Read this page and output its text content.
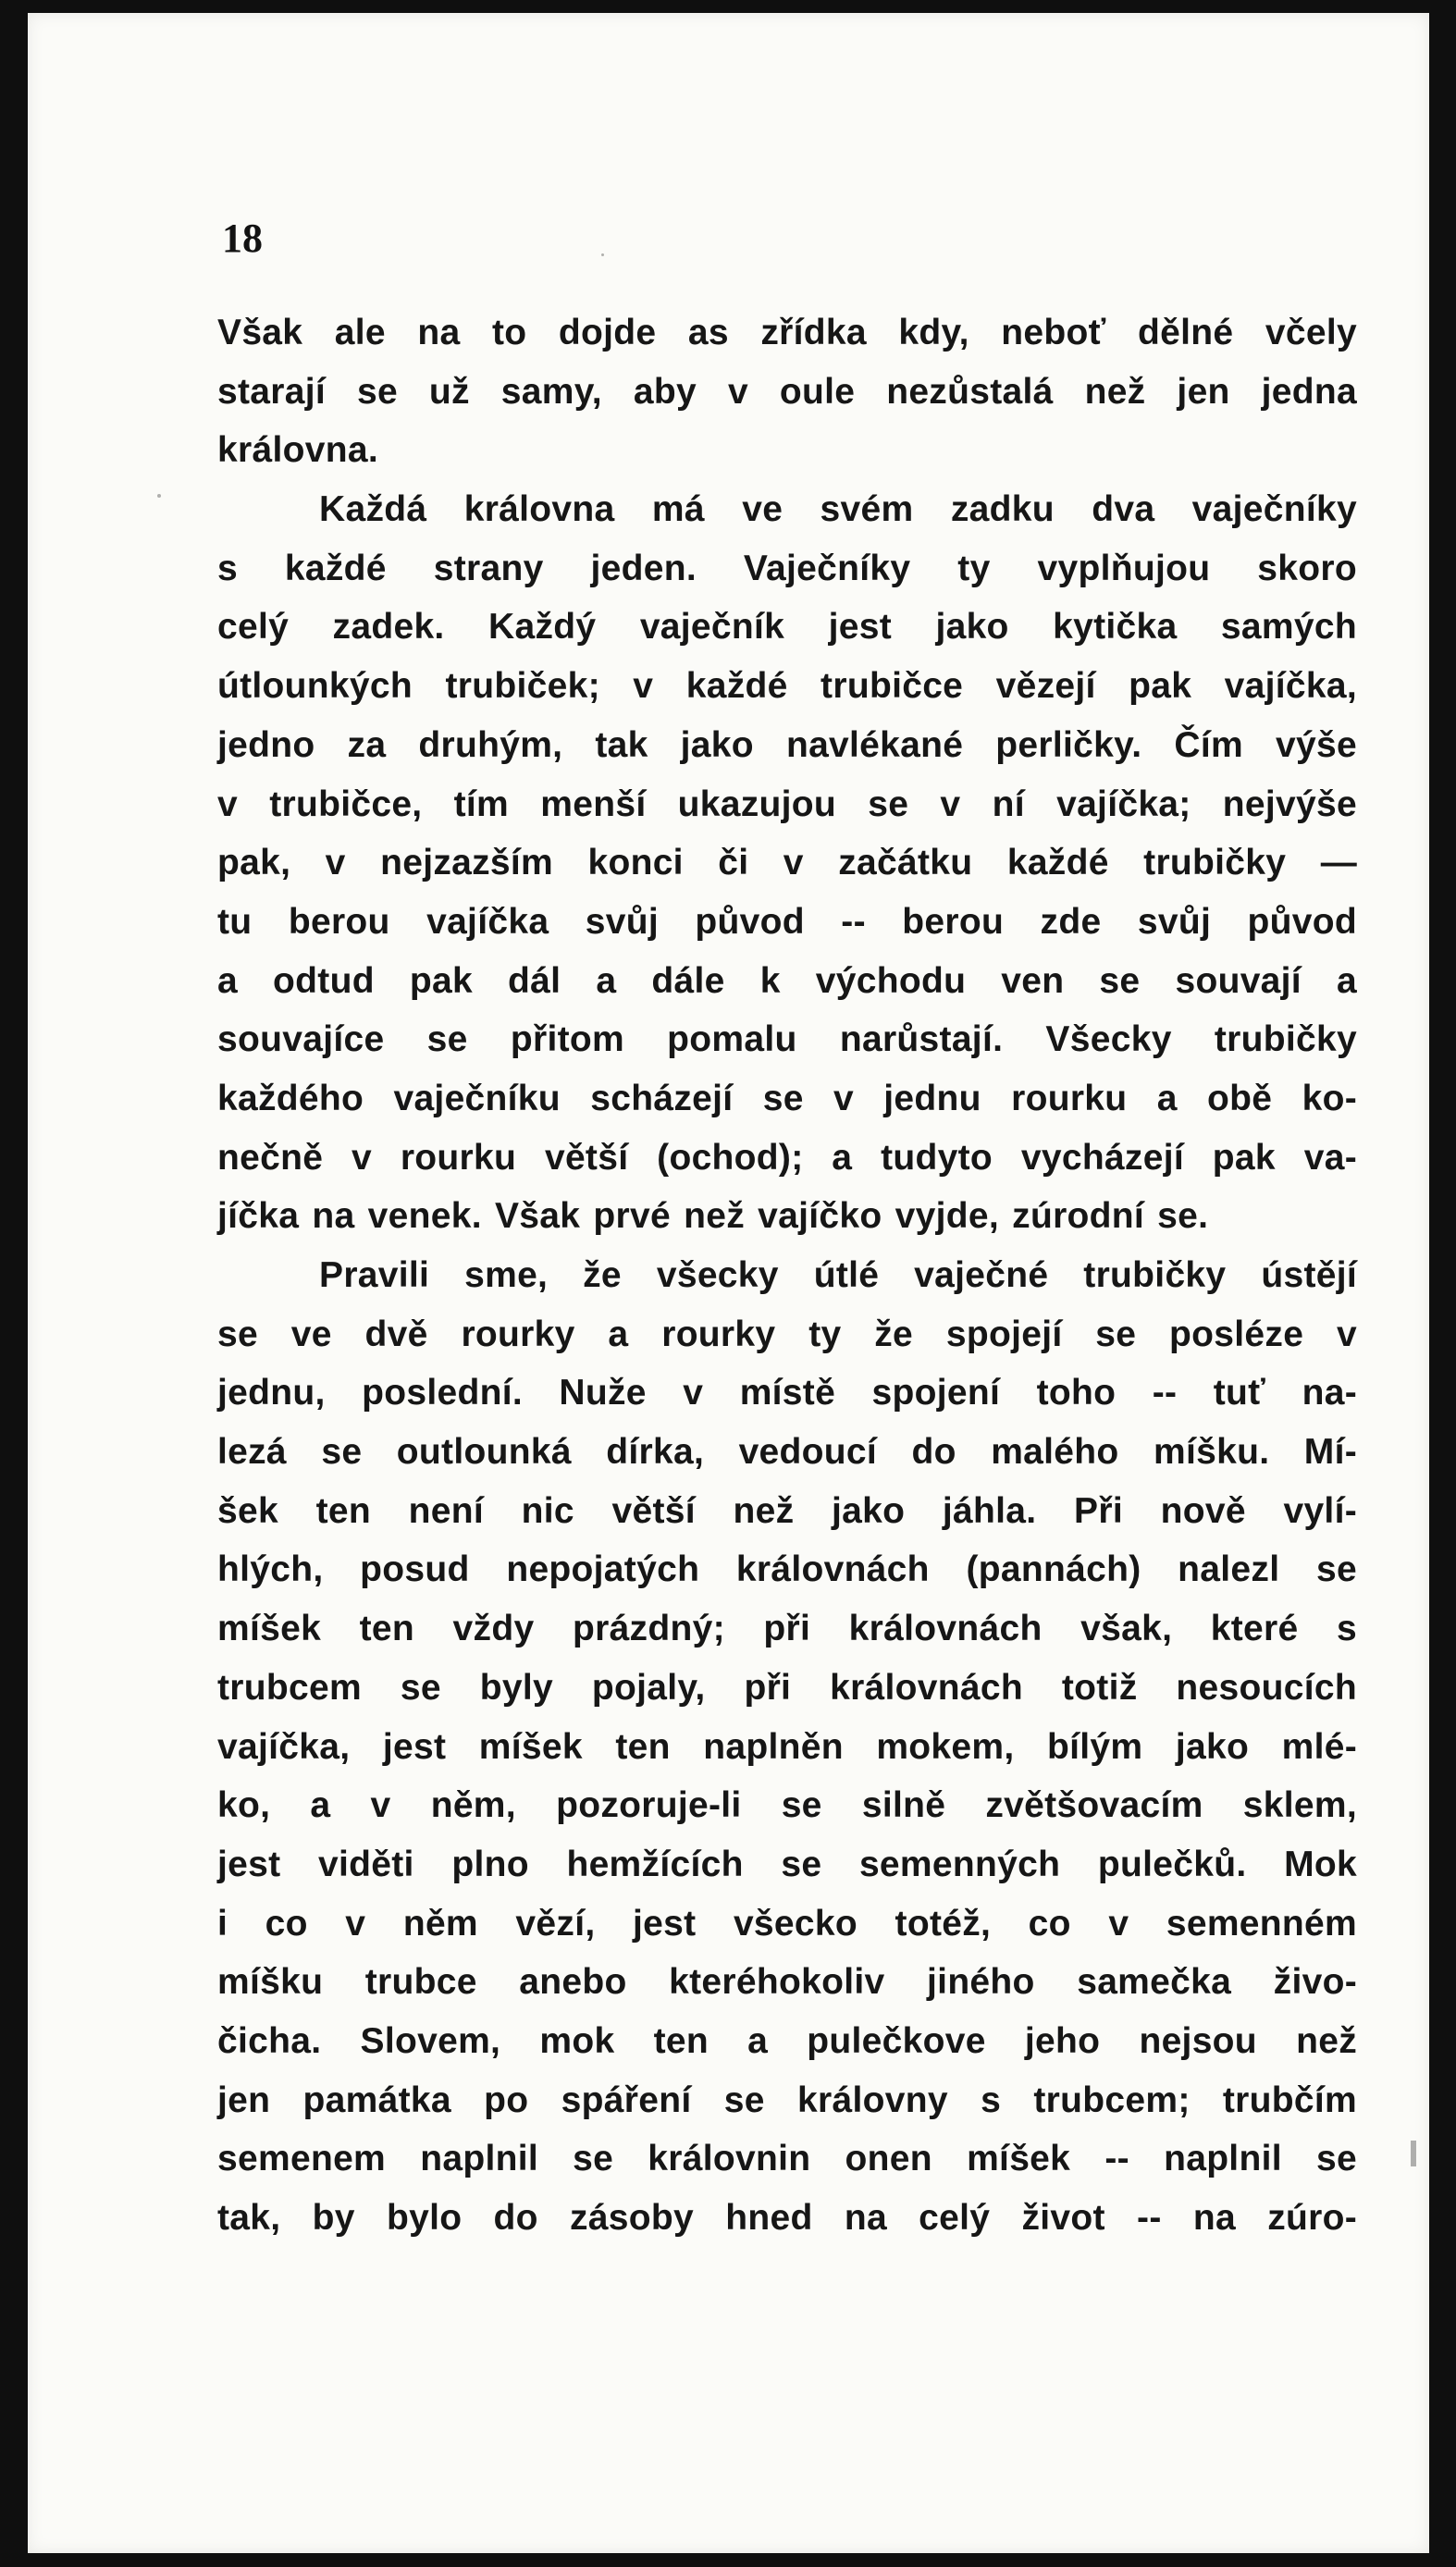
18

Však ale na to dojde as zřídka kdy, neboť dělné včely
starají se už samy, aby v oule nezůstalá než jen jedna
královna.
Každá královna má ve svém zadku dva vaječníky
s každé strany jeden. Vaječníky ty vyplňujou skoro
celý zadek. Každý vaječník jest jako kytička samých
útlounkých trubiček; v každé trubičce vězejí pak vajíčka,
jedno za druhým, tak jako navlékané perličky. Čím výše
v trubičce, tím menší ukazujou se v ní vajíčka; nejvýše
pak, v nejzazším konci či v začátku každé trubičky —
tu berou vajíčka svůj původ -- berou zde svůj původ
a odtud pak dál a dále k východu ven se souvají a
souvajíce se přitom pomalu narůstají. Všecky trubičky
každého vaječníku scházejí se v jednu rourku a obě ko-
nečně v rourku větší (ochod); a tudyto vycházejí pak va-
jíčka na venek. Však prvé než vajíčko vyjde, zúrodní se.
Pravili sme, že všecky útlé vaječné trubičky ústějí
se ve dvě rourky a rourky ty že spojejí se posléze v
jednu, poslední. Nuže v místě spojení toho -- tuť na-
lezá se outlounká dírka, vedoucí do malého míšku. Mí-
šek ten není nic větší než jako jáhla. Při nově vylí-
hlých, posud nepojatých královnách (pannách) nalezl se
míšek ten vždy prázdný; při královnách však, které s
trubcem se byly pojaly, při královnách totiž nesoucích
vajíčka, jest míšek ten naplněn mokem, bílým jako mlé-
ko, a v něm, pozoruje-li se silně zvětšovacím sklem,
jest viděti plno hemžících se semenných pulečků. Mok
i co v něm vězí, jest všecko totéž, co v semenném
míšku trubce anebo kteréhokoliv jiného samečka živo-
čicha. Slovem, mok ten a pulečkove jeho nejsou než
jen památka po spáření se královny s trubcem; trubčím
semenem naplnil se královnin onen míšek -- naplnil se
tak, by bylo do zásoby hned na celý život -- na zúro-
